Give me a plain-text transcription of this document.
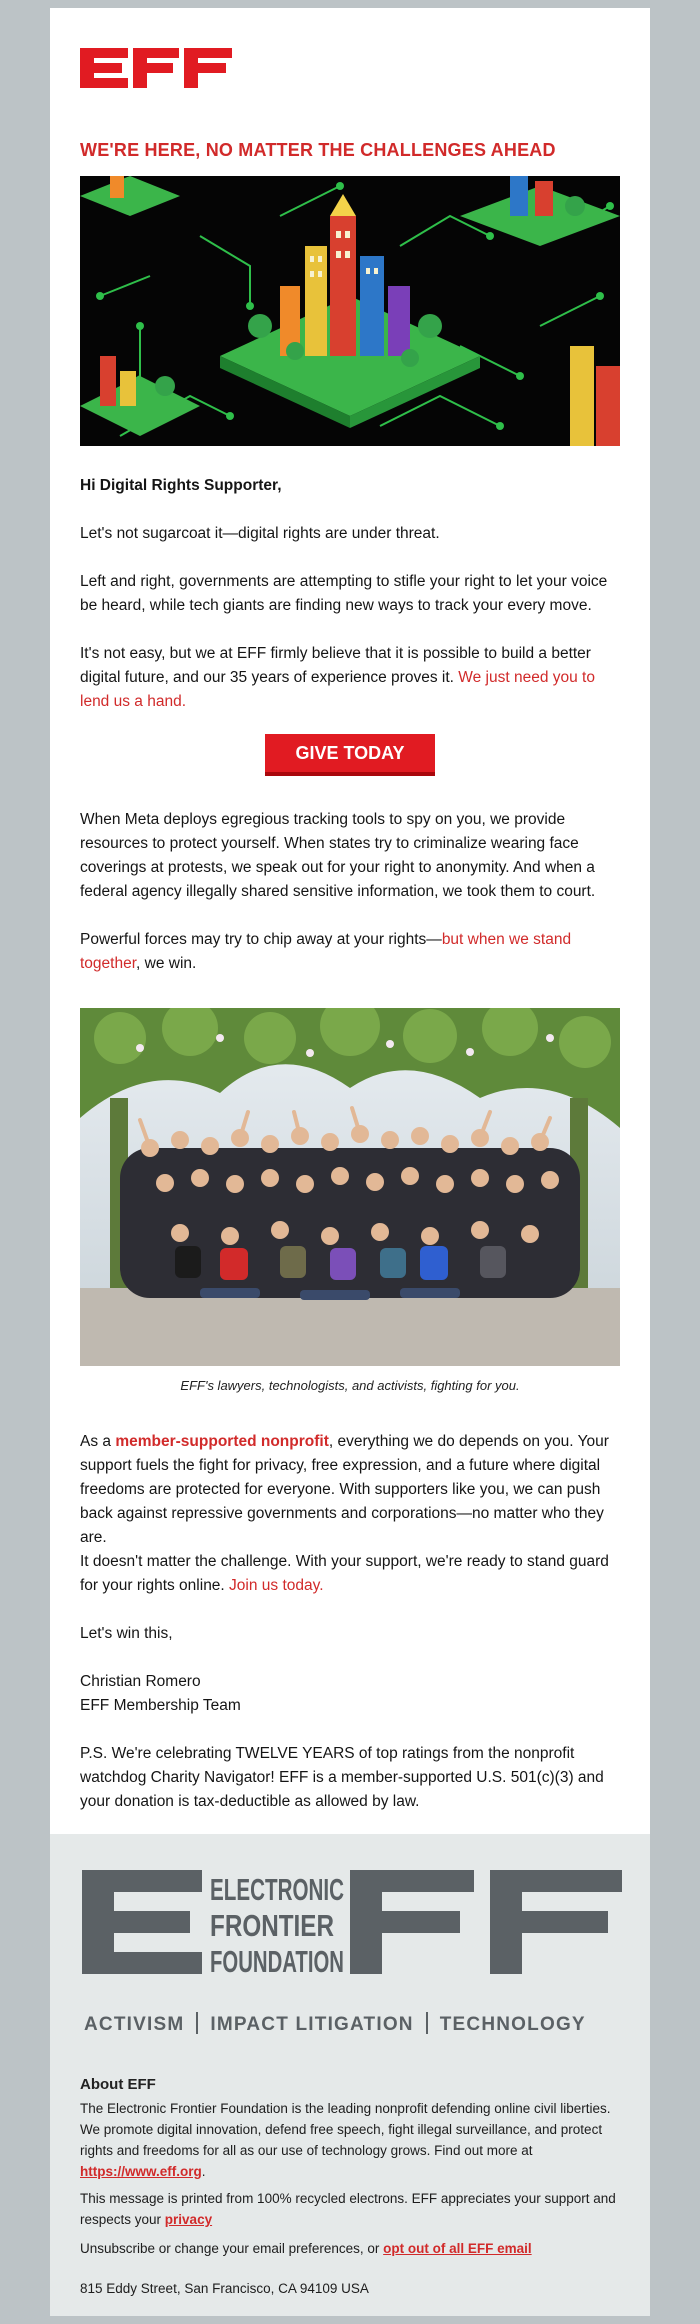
WE'RE HERE, NO MATTER THE CHALLENGES AHEAD

Hi Digital Rights Supporter,

Let's not sugarcoat it—digital rights are under threat.

Left and right, governments are attempting to stifle your right to let your voice be heard, while tech giants are finding new ways to track your every move.

It's not easy, but we at EFF firmly believe that it is possible to build a better digital future, and our 35 years of experience proves it. We just need you to lend us a hand.

GIVE TODAY

When Meta deploys egregious tracking tools to spy on you, we provide resources to protect yourself. When states try to criminalize wearing face coverings at protests, we speak out for your right to anonymity. And when a federal agency illegally shared sensitive information, we took them to court.

Powerful forces may try to chip away at your rights—but when we stand together, we win.

EFF's lawyers, technologists, and activists, fighting for you.

As a member-supported nonprofit, everything we do depends on you. Your support fuels the fight for privacy, free expression, and a future where digital freedoms are protected for everyone. With supporters like you, we can push back against repressive governments and corporations—no matter who they are.

It doesn't matter the challenge. With your support, we're ready to stand guard for your rights online. Join us today.

Let's win this,

Christian Romero

EFF Membership Team

P.S. We're celebrating TWELVE YEARS of top ratings from the nonprofit watchdog Charity Navigator! EFF is a member-supported U.S. 501(c)(3) and your donation is tax-deductible as allowed by law.

ELECTRONIC
FRONTIER
FOUNDATION
ACTIVISM IMPACT LITIGATION TECHNOLOGY
About EFF

The Electronic Frontier Foundation is the leading nonprofit defending online civil liberties. We promote digital innovation, defend free speech, fight illegal surveillance, and protect rights and freedoms for all as our use of technology grows. Find out more at https://www.eff.org.

This message is printed from 100% recycled electrons. EFF appreciates your support and respects your privacy

Unsubscribe or change your email preferences, or opt out of all EFF email

815 Eddy Street, San Francisco, CA 94109 USA
